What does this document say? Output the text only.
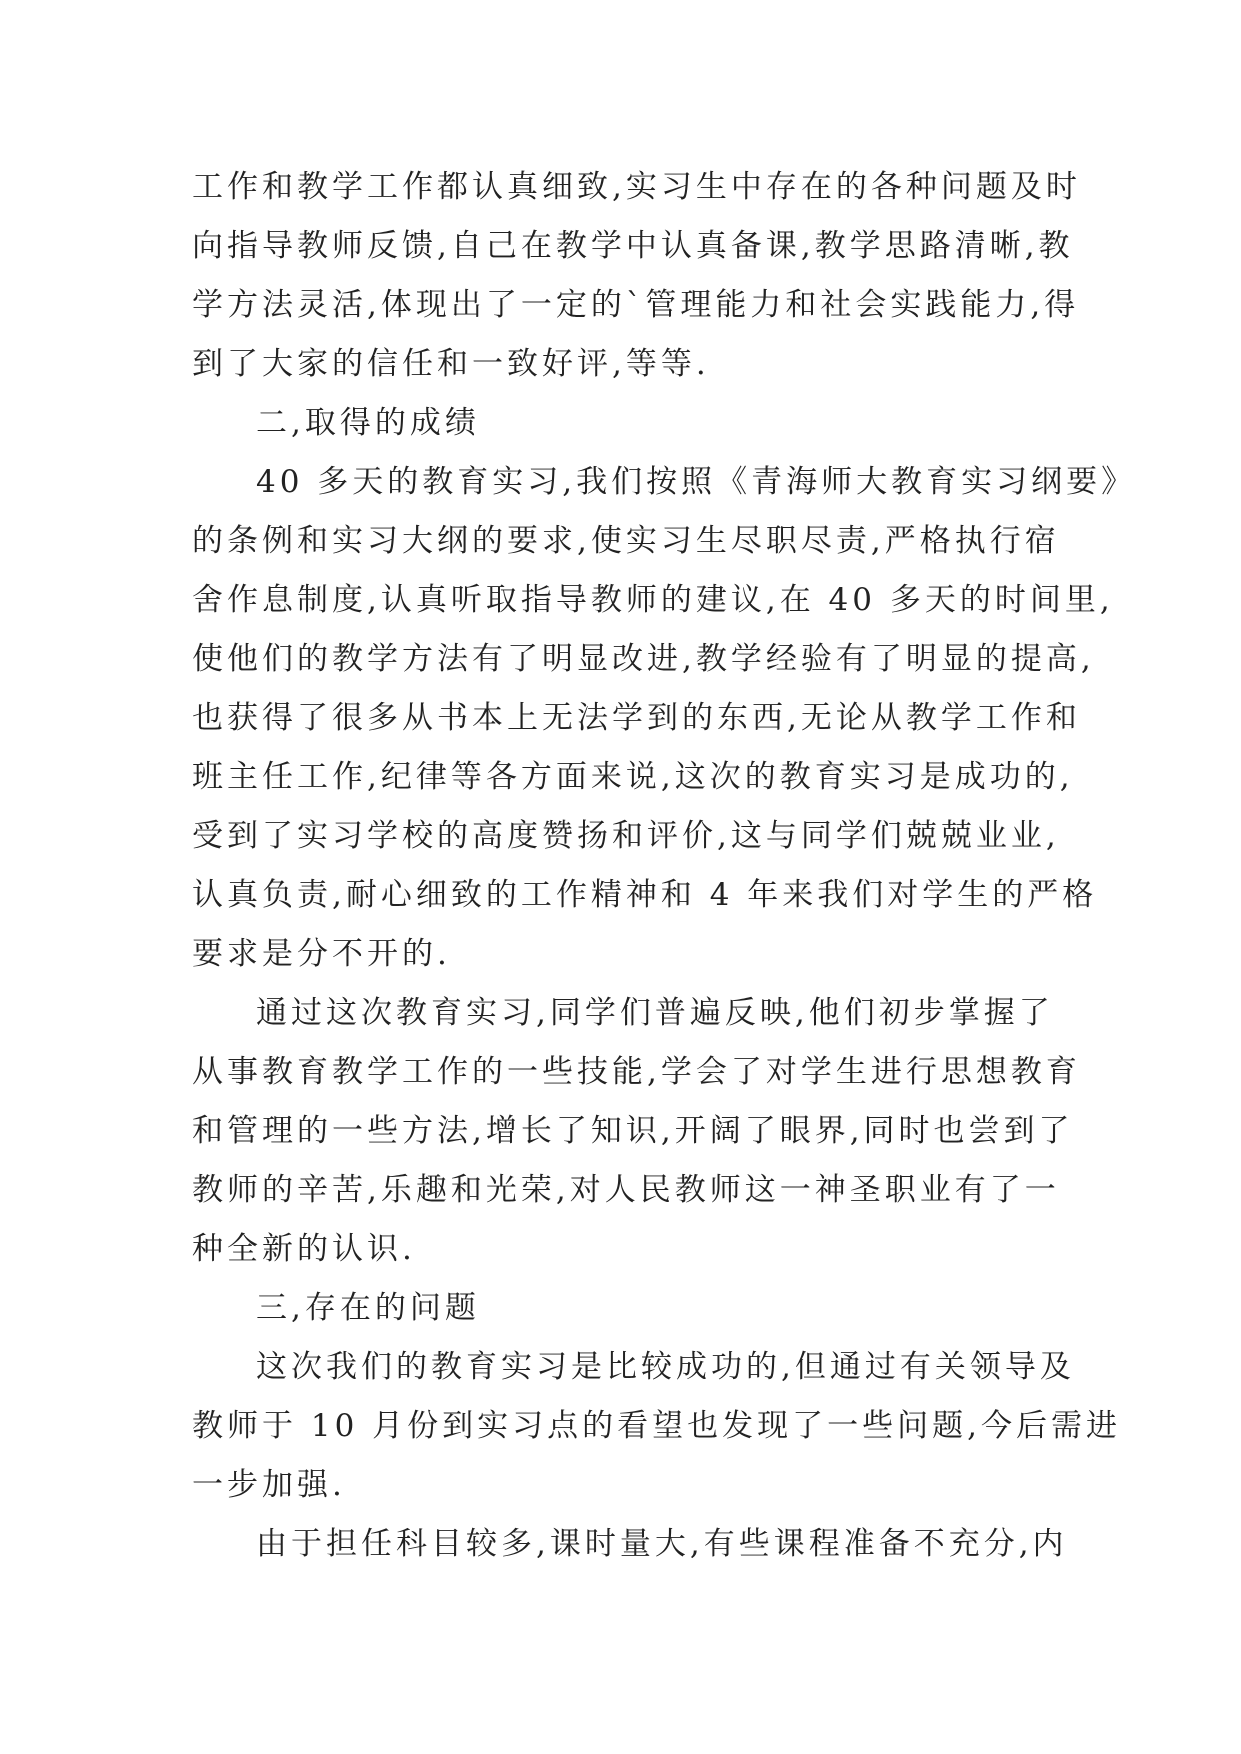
工作和教学工作都认真细致,实习生中存在的各种问题及时
向指导教师反馈,自己在教学中认真备课,教学思路清晰,教
学方法灵活,体现出了一定的`管理能力和社会实践能力,得
到了大家的信任和一致好评,等等.
二,取得的成绩
40 多天的教育实习,我们按照《青海师大教育实习纲要》
的条例和实习大纲的要求,使实习生尽职尽责,严格执行宿
舍作息制度,认真听取指导教师的建议,在 40 多天的时间里,
使他们的教学方法有了明显改进,教学经验有了明显的提高,
也获得了很多从书本上无法学到的东西,无论从教学工作和
班主任工作,纪律等各方面来说,这次的教育实习是成功的,
受到了实习学校的高度赞扬和评价,这与同学们兢兢业业,
认真负责,耐心细致的工作精神和 4 年来我们对学生的严格
要求是分不开的.
通过这次教育实习,同学们普遍反映,他们初步掌握了
从事教育教学工作的一些技能,学会了对学生进行思想教育
和管理的一些方法,增长了知识,开阔了眼界,同时也尝到了
教师的辛苦,乐趣和光荣,对人民教师这一神圣职业有了一
种全新的认识.
三,存在的问题
这次我们的教育实习是比较成功的,但通过有关领导及
教师于 10 月份到实习点的看望也发现了一些问题,今后需进
一步加强.
由于担任科目较多,课时量大,有些课程准备不充分,内
